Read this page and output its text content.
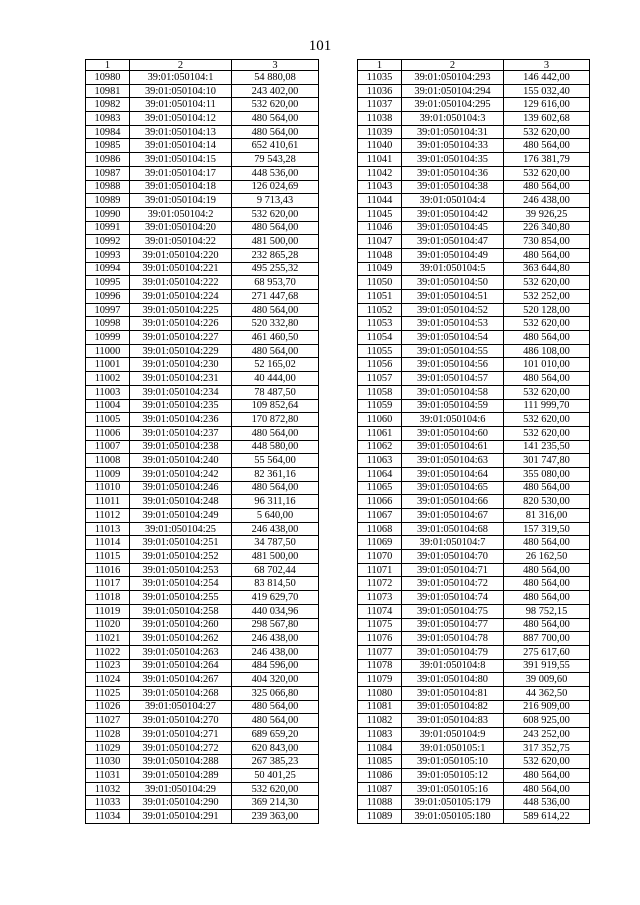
101
1	2	3
10980	39:01:050104:1	54 880,08
10981	39:01:050104:10	243 402,00
10982	39:01:050104:11	532 620,00
10983	39:01:050104:12	480 564,00
10984	39:01:050104:13	480 564,00
10985	39:01:050104:14	652 410,61
10986	39:01:050104:15	79 543,28
10987	39:01:050104:17	448 536,00
10988	39:01:050104:18	126 024,69
10989	39:01:050104:19	9 713,43
10990	39:01:050104:2	532 620,00
10991	39:01:050104:20	480 564,00
10992	39:01:050104:22	481 500,00
10993	39:01:050104:220	232 865,28
10994	39:01:050104:221	495 255,32
10995	39:01:050104:222	68 953,70
10996	39:01:050104:224	271 447,68
10997	39:01:050104:225	480 564,00
10998	39:01:050104:226	520 332,80
10999	39:01:050104:227	461 460,50
11000	39:01:050104:229	480 564,00
11001	39:01:050104:230	52 165,02
11002	39:01:050104:231	40 444,00
11003	39:01:050104:234	78 487,50
11004	39:01:050104:235	109 852,64
11005	39:01:050104:236	170 872,80
11006	39:01:050104:237	480 564,00
11007	39:01:050104:238	448 580,00
11008	39:01:050104:240	55 564,00
11009	39:01:050104:242	82 361,16
11010	39:01:050104:246	480 564,00
11011	39:01:050104:248	96 311,16
11012	39:01:050104:249	5 640,00
11013	39:01:050104:25	246 438,00
11014	39:01:050104:251	34 787,50
11015	39:01:050104:252	481 500,00
11016	39:01:050104:253	68 702,44
11017	39:01:050104:254	83 814,50
11018	39:01:050104:255	419 629,70
11019	39:01:050104:258	440 034,96
11020	39:01:050104:260	298 567,80
11021	39:01:050104:262	246 438,00
11022	39:01:050104:263	246 438,00
11023	39:01:050104:264	484 596,00
11024	39:01:050104:267	404 320,00
11025	39:01:050104:268	325 066,80
11026	39:01:050104:27	480 564,00
11027	39:01:050104:270	480 564,00
11028	39:01:050104:271	689 659,20
11029	39:01:050104:272	620 843,00
11030	39:01:050104:288	267 385,23
11031	39:01:050104:289	50 401,25
11032	39:01:050104:29	532 620,00
11033	39:01:050104:290	369 214,30
11034	39:01:050104:291	239 363,00
1	2	3
11035	39:01:050104:293	146 442,00
11036	39:01:050104:294	155 032,40
11037	39:01:050104:295	129 616,00
11038	39:01:050104:3	139 602,68
11039	39:01:050104:31	532 620,00
11040	39:01:050104:33	480 564,00
11041	39:01:050104:35	176 381,79
11042	39:01:050104:36	532 620,00
11043	39:01:050104:38	480 564,00
11044	39:01:050104:4	246 438,00
11045	39:01:050104:42	39 926,25
11046	39:01:050104:45	226 340,80
11047	39:01:050104:47	730 854,00
11048	39:01:050104:49	480 564,00
11049	39:01:050104:5	363 644,80
11050	39:01:050104:50	532 620,00
11051	39:01:050104:51	532 252,00
11052	39:01:050104:52	520 128,00
11053	39:01:050104:53	532 620,00
11054	39:01:050104:54	480 564,00
11055	39:01:050104:55	486 108,00
11056	39:01:050104:56	101 010,00
11057	39:01:050104:57	480 564,00
11058	39:01:050104:58	532 620,00
11059	39:01:050104:59	111 999,70
11060	39:01:050104:6	532 620,00
11061	39:01:050104:60	532 620,00
11062	39:01:050104:61	141 235,50
11063	39:01:050104:63	301 747,80
11064	39:01:050104:64	355 080,00
11065	39:01:050104:65	480 564,00
11066	39:01:050104:66	820 530,00
11067	39:01:050104:67	81 316,00
11068	39:01:050104:68	157 319,50
11069	39:01:050104:7	480 564,00
11070	39:01:050104:70	26 162,50
11071	39:01:050104:71	480 564,00
11072	39:01:050104:72	480 564,00
11073	39:01:050104:74	480 564,00
11074	39:01:050104:75	98 752,15
11075	39:01:050104:77	480 564,00
11076	39:01:050104:78	887 700,00
11077	39:01:050104:79	275 617,60
11078	39:01:050104:8	391 919,55
11079	39:01:050104:80	39 009,60
11080	39:01:050104:81	44 362,50
11081	39:01:050104:82	216 909,00
11082	39:01:050104:83	608 925,00
11083	39:01:050104:9	243 252,00
11084	39:01:050105:1	317 352,75
11085	39:01:050105:10	532 620,00
11086	39:01:050105:12	480 564,00
11087	39:01:050105:16	480 564,00
11088	39:01:050105:179	448 536,00
11089	39:01:050105:180	589 614,22
